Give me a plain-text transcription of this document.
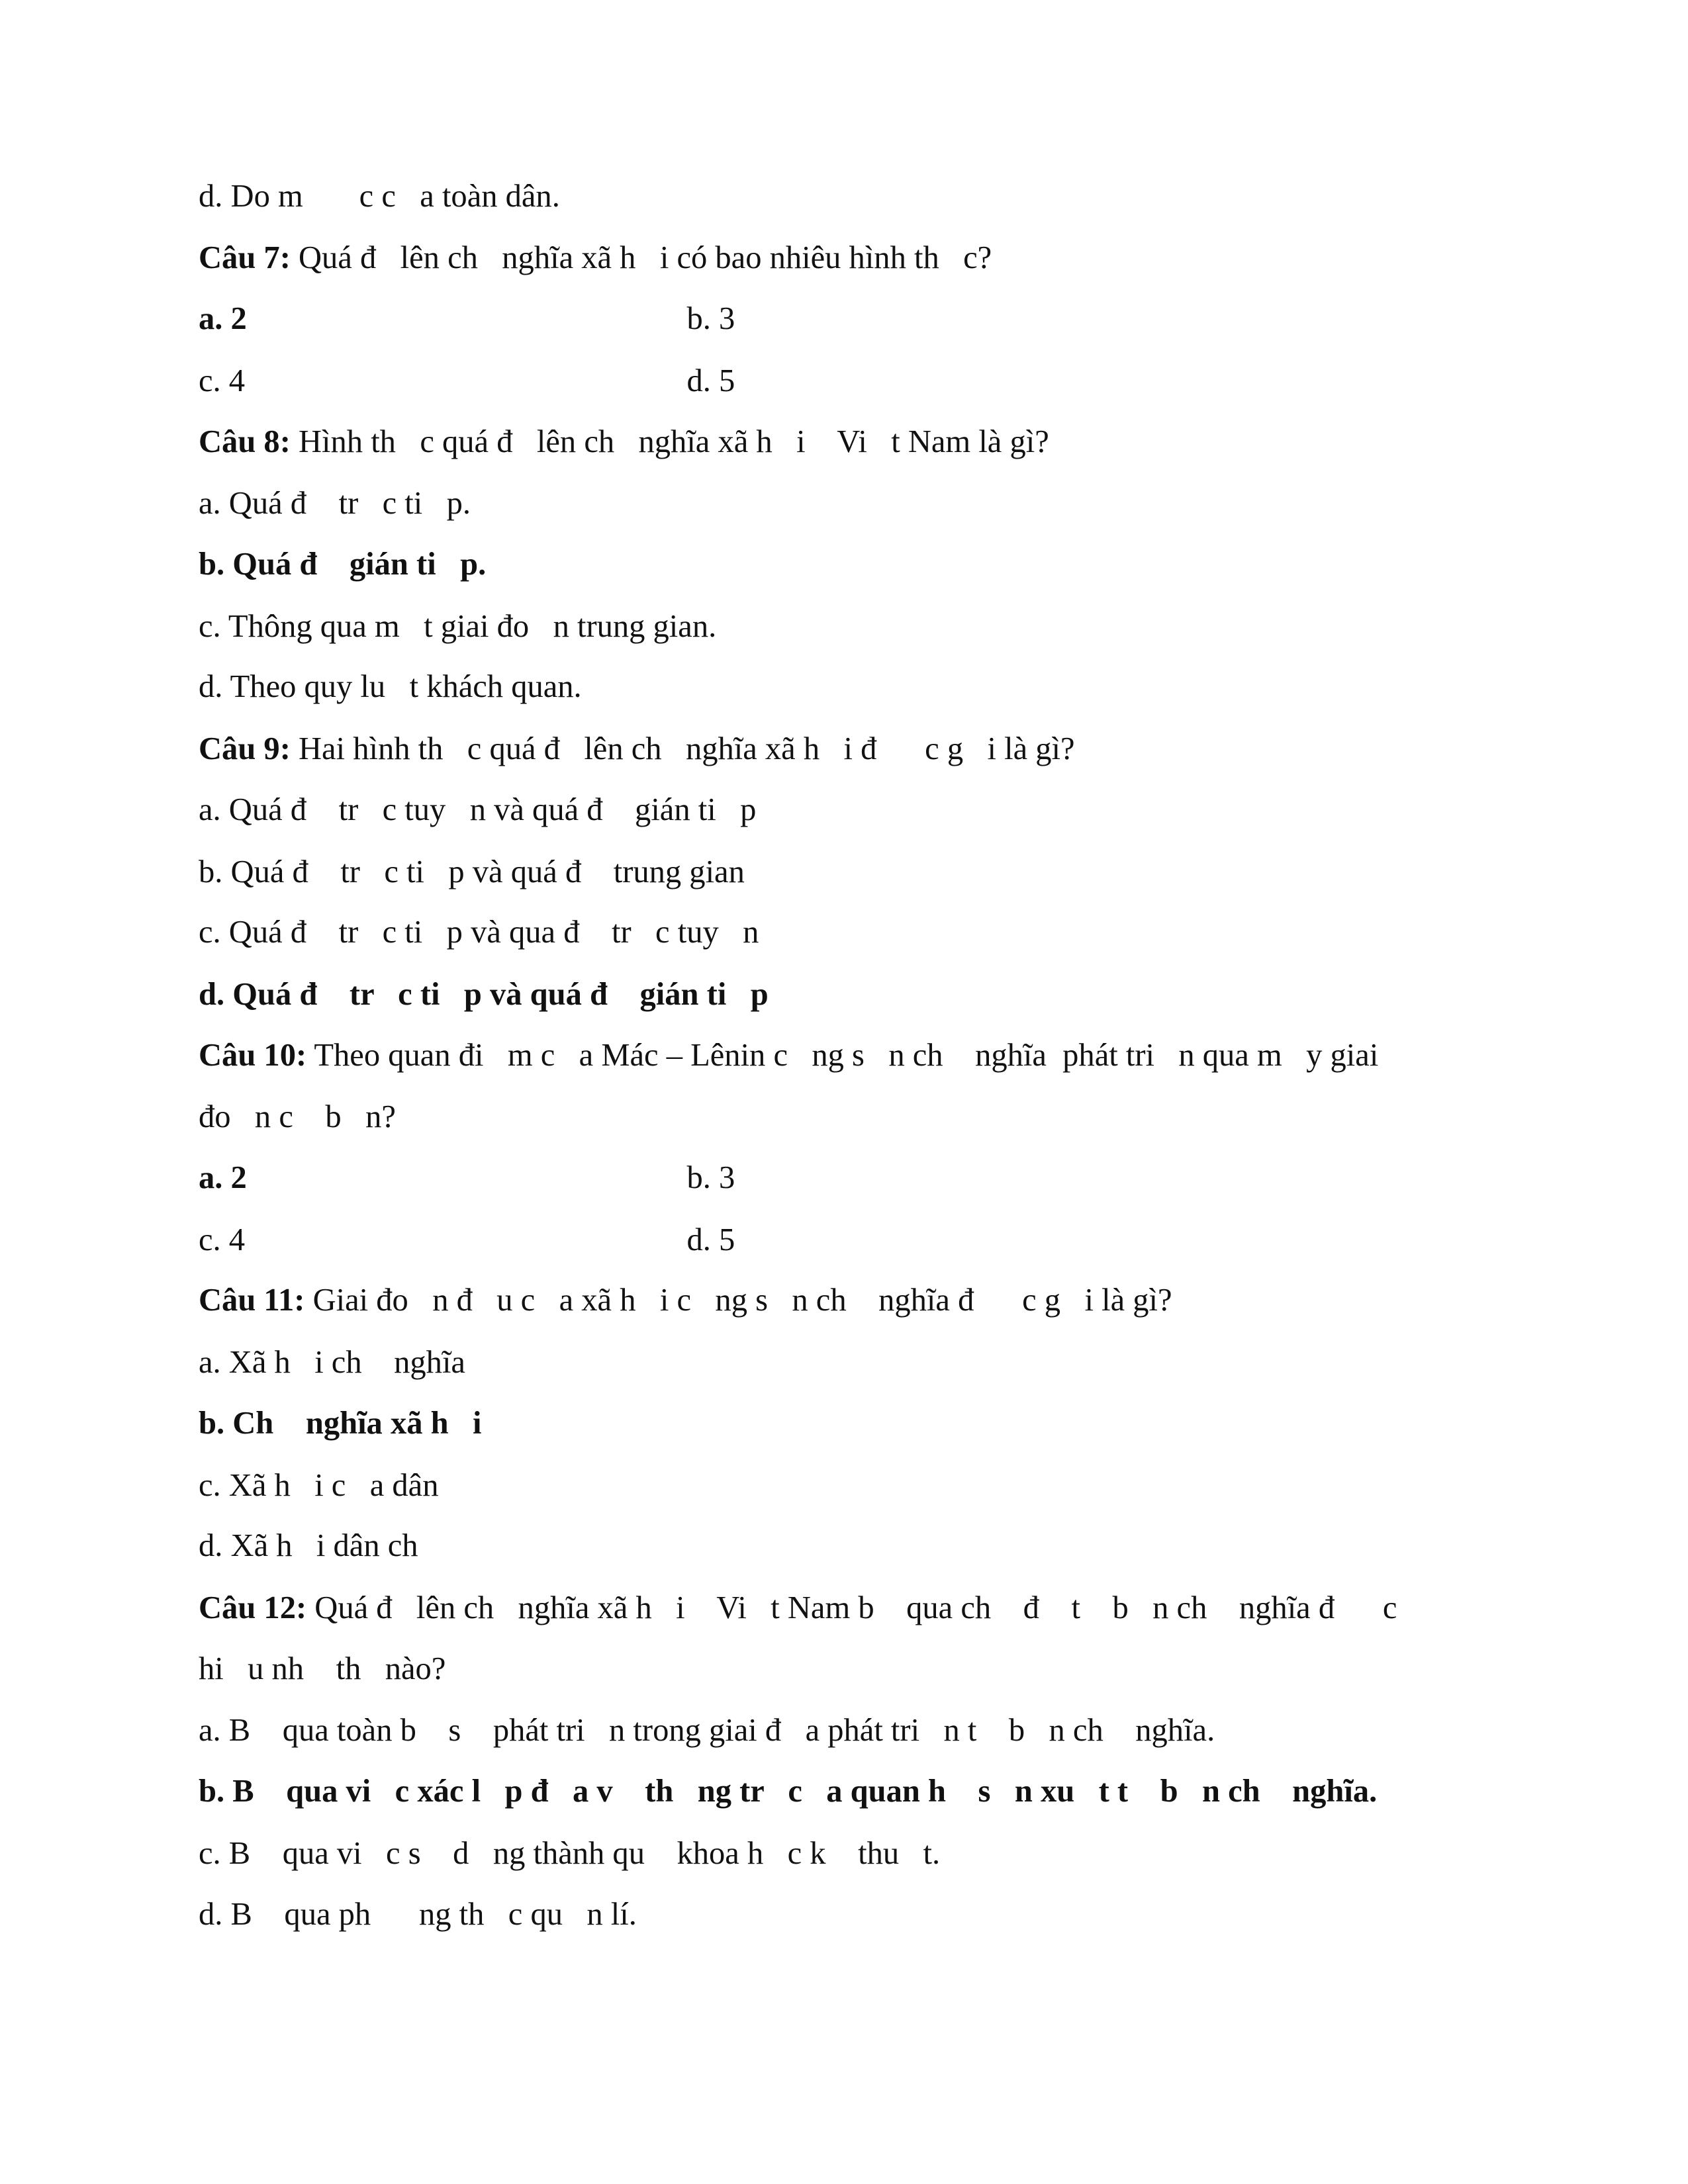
d. Do m       c c   a toàn dân.
Câu 7: Quá đ   lên ch   nghĩa xã h   i có bao nhiêu hình th   c?
a. 2	b. 3
c. 4	d. 5
Câu 8: Hình th   c quá đ   lên ch   nghĩa xã h   i    Vi   t Nam là gì?
a. Quá đ    tr   c ti   p.
b. Quá đ    gián ti   p.
c. Thông qua m   t giai đo   n trung gian.
d. Theo quy lu   t khách quan.
Câu 9: Hai hình th   c quá đ   lên ch   nghĩa xã h   i đ      c g   i là gì?
a. Quá đ    tr   c tuy   n và quá đ    gián ti   p
b. Quá đ    tr   c ti   p và quá đ    trung gian
c. Quá đ    tr   c ti   p và qua đ    tr   c tuy   n
d. Quá đ    tr   c ti   p và quá đ    gián ti   p
Câu 10: Theo quan đi   m c   a Mác – Lênin c   ng s   n ch    nghĩa  phát tri   n qua m   y giai
đo   n c    b   n?
a. 2	b. 3
c. 4	d. 5
Câu 11: Giai đo   n đ   u c   a xã h   i c   ng s   n ch    nghĩa đ      c g   i là gì?
a. Xã h   i ch    nghĩa
b. Ch    nghĩa xã h   i
c. Xã h   i c   a dân
d. Xã h   i dân ch
Câu 12: Quá đ   lên ch   nghĩa xã h   i    Vi   t Nam b    qua ch    đ    t    b   n ch    nghĩa đ      c
hi   u nh    th   nào?
a. B    qua toàn b    s    phát tri   n trong giai đ   a phát tri   n t    b   n ch    nghĩa.
b. B    qua vi   c xác l   p đ   a v    th   ng tr   c   a quan h    s   n xu   t t    b   n ch    nghĩa.
c. B    qua vi   c s    d   ng thành qu    khoa h   c k    thu   t.
d. B    qua ph      ng th   c qu   n lí.
